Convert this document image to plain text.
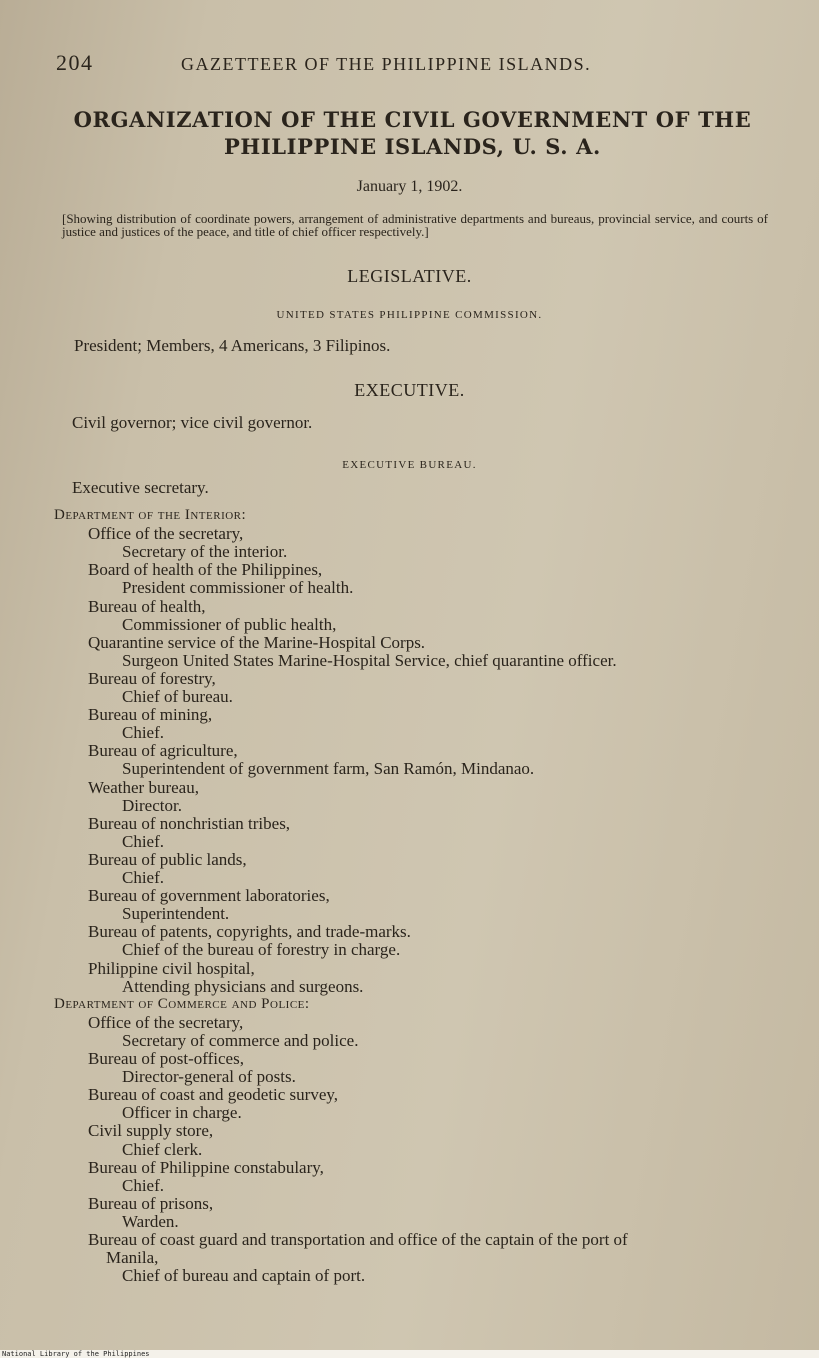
204	GAZETTEER OF THE PHILIPPINE ISLANDS.
ORGANIZATION OF THE CIVIL GOVERNMENT OF THE
PHILIPPINE ISLANDS, U. S. A.
January 1, 1902.
[Showing distribution of coordinate powers, arrangement of administrative departments and bureaus, provincial service, and courts of justice and justices of the peace, and title of chief officer respectively.]
LEGISLATIVE.
UNITED STATES PHILIPPINE COMMISSION.
President; Members, 4 Americans, 3 Filipinos.
EXECUTIVE.
Civil governor; vice civil governor.
EXECUTIVE BUREAU.
Executive secretary.
Department of the Interior:
Office of the secretary,
Secretary of the interior.
Board of health of the Philippines,
President commissioner of health.
Bureau of health,
Commissioner of public health,
Quarantine service of the Marine-Hospital Corps.
Surgeon United States Marine-Hospital Service, chief quarantine officer.
Bureau of forestry,
Chief of bureau.
Bureau of mining,
Chief.
Bureau of agriculture,
Superintendent of government farm, San Ramón, Mindanao.
Weather bureau,
Director.
Bureau of nonchristian tribes,
Chief.
Bureau of public lands,
Chief.
Bureau of government laboratories,
Superintendent.
Bureau of patents, copyrights, and trade-marks.
Chief of the bureau of forestry in charge.
Philippine civil hospital,
Attending physicians and surgeons.
Department of Commerce and Police:
Office of the secretary,
Secretary of commerce and police.
Bureau of post-offices,
Director-general of posts.
Bureau of coast and geodetic survey,
Officer in charge.
Civil supply store,
Chief clerk.
Bureau of Philippine constabulary,
Chief.
Bureau of prisons,
Warden.
Bureau of coast guard and transportation and office of the captain of the port of
Manila,
Chief of bureau and captain of port.
National Library of the Philippines
